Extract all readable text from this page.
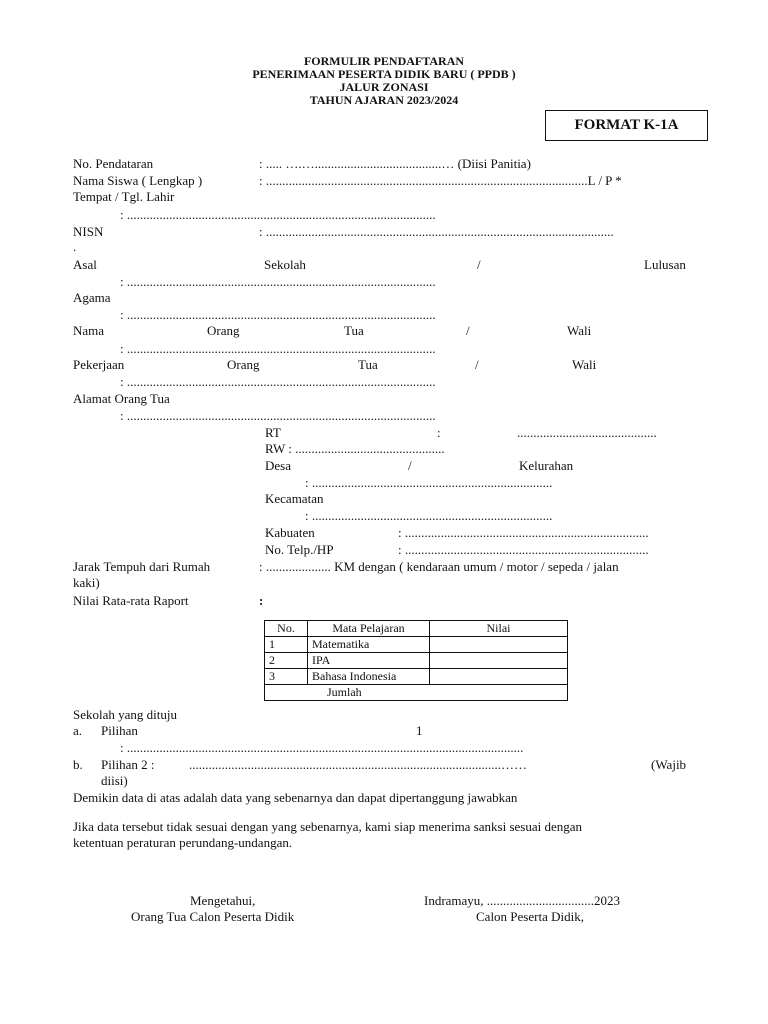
FORMULIR PENDAFTARAN
PENERIMAAN PESERTA DIDIK BARU ( PPDB )
JALUR ZONASI
TAHUN AJARAN 2023/2024
FORMAT K-1A
No. Pendataran	: ..... ….….......................................… (Diisi Panitia)
Nama Siswa ( Lengkap )	: ...................................................................................................L / P *
Tempat / Tgl. Lahir
: ...............................................................................................
NISN	: ...........................................................................................................
.
Asal	Sekolah	/	Lulusan
: ...............................................................................................
Agama
: ...............................................................................................
Nama	Orang	Tua	/	Wali
: ...............................................................................................
Pekerjaan	Orang	Tua	/	Wali
: ...............................................................................................
Alamat Orang Tua
: ...............................................................................................
RT	:	...........................................
RW : ..............................................
Desa	/	Kelurahan
: ..........................................................................
Kecamatan
: ..........................................................................
Kabuaten	: ...........................................................................
No. Telp./HP	: ...........................................................................
Jarak Tempuh dari Rumah	: .................... KM dengan ( kendaraan umum / motor / sepeda / jalan
kaki)
Nilai Rata-rata Raport	:
No.	Mata Pelajaran	Nilai
1	Matematika	
2	IPA	
3	Bahasa Indonesia	
Jumlah		
Sekolah yang dituju
a. Pilihan	1
: ..........................................................................................................................
b. Pilihan 2 :	................................................................................................……	(Wajib
diisi)
Demikin data di atas adalah data yang sebenarnya dan dapat dipertanggung jawabkan
Jika data tersebut tidak sesuai dengan yang sebenarnya, kami siap menerima sanksi sesuai dengan
ketentuan peraturan perundang-undangan.
Mengetahui,
Orang Tua Calon Peserta Didik
Indramayu, .................................2023
Calon Peserta Didik,
